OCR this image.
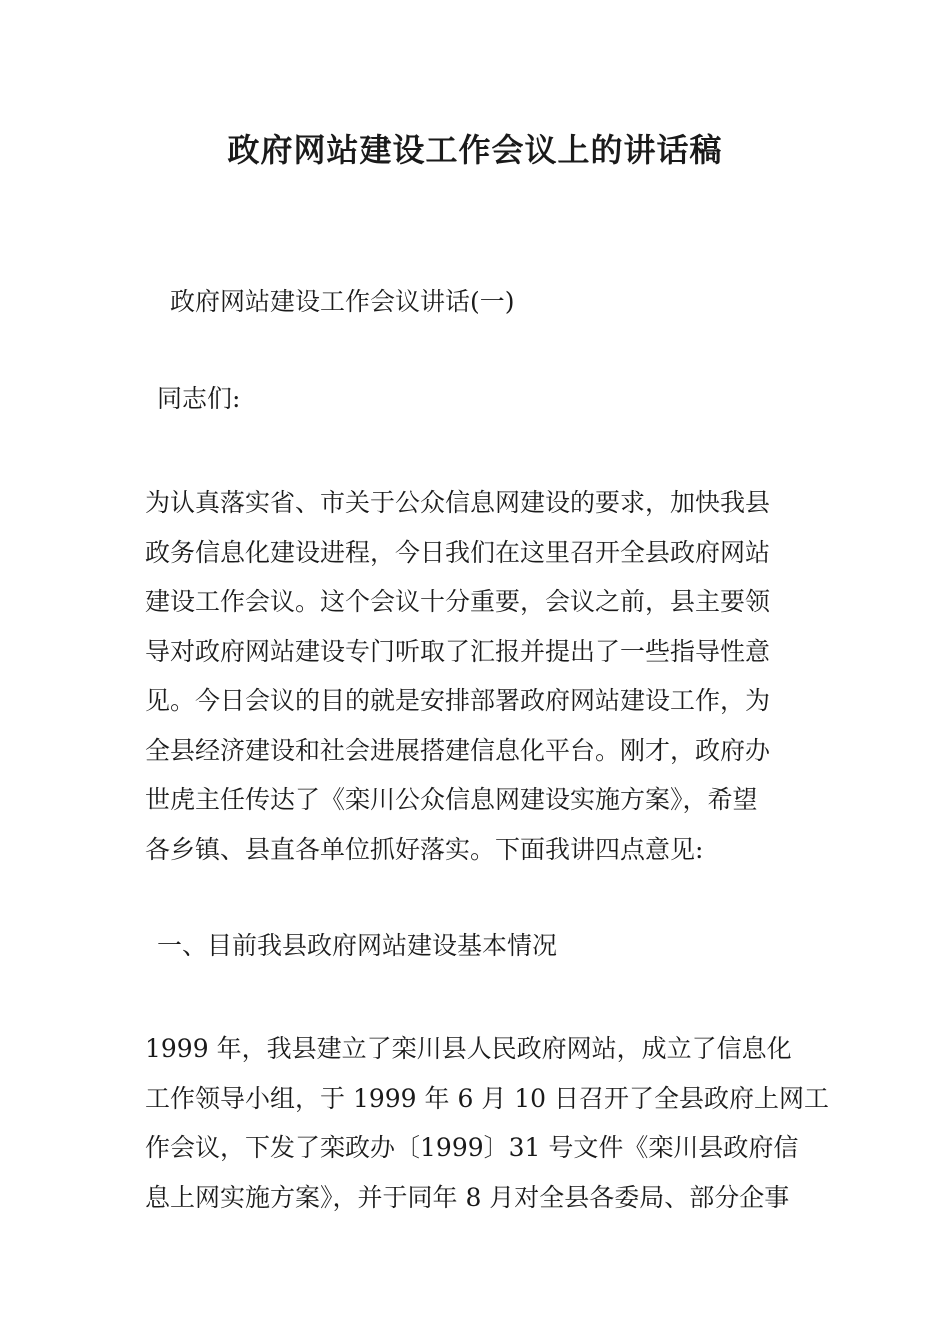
政府网站建设工作会议上的讲话稿

政府网站建设工作会议讲话(一)

同志们:

为认真落实省、市关于公众信息网建设的要求，加快我县
政务信息化建设进程，今日我们在这里召开全县政府网站
建设工作会议。这个会议十分重要，会议之前，县主要领
导对政府网站建设专门听取了汇报并提出了一些指导性意
见。今日会议的目的就是安排部署政府网站建设工作，为
全县经济建设和社会进展搭建信息化平台。刚才，政府办
世虎主任传达了《栾川公众信息网建设实施方案》，希望
各乡镇、县直各单位抓好落实。下面我讲四点意见:

一、目前我县政府网站建设基本情况

1999 年，我县建立了栾川县人民政府网站，成立了信息化
工作领导小组，于 1999 年 6 月 10 日召开了全县政府上网工
作会议，下发了栾政办〔1999〕31 号文件《栾川县政府信
息上网实施方案》，并于同年 8 月对全县各委局、部分企事
